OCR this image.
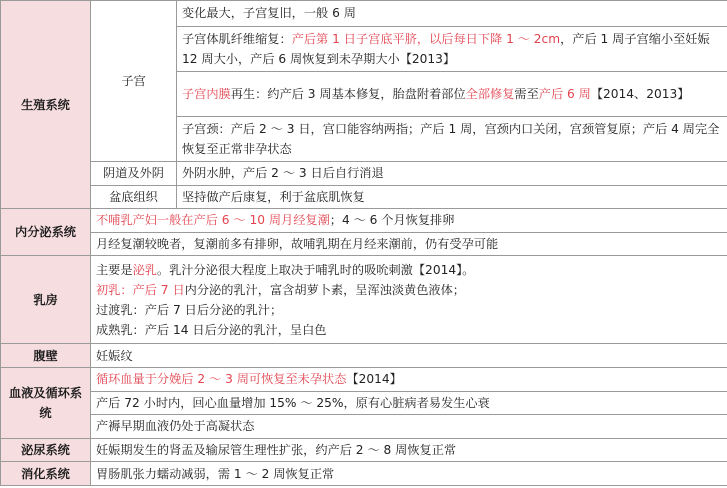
生殖系统	子宫	变化最大，子宫复旧，一般 6 周
		子宫体肌纤维缩复：产后第 1 日子宫底平脐，以后每日下降 1 ～ 2cm，产后 1 周子宫缩小至妊娠 12 周大小，产后 6 周恢复到未孕期大小【2013】
		子宫内膜再生：约产后 3 周基本修复，胎盘附着部位全部修复需至产后 6 周【2014、2013】
		子宫颈：产后 2 ～ 3 日，宫口能容纳两指；产后 1 周，宫颈内口关闭，宫颈管复原；产后 4 周完全恢复至正常非孕状态
	阴道及外阴	外阴水肿，产后 2 ～ 3 日后自行消退
	盆底组织	坚持做产后康复，利于盆底肌恢复
内分泌系统	不哺乳产妇一般在产后 6 ～ 10 周月经复潮；4 ～ 6 个月恢复排卵	
	月经复潮较晚者，复潮前多有排卵，故哺乳期在月经来潮前，仍有受孕可能	
乳房	主要是泌乳。乳汁分泌很大程度上取决于哺乳时的吸吮刺激【2014】。
初乳：产后 7 日内分泌的乳汁，富含胡萝卜素，呈浑浊淡黄色液体；
过渡乳：产后 7 日后分泌的乳汁；
成熟乳：产后 14 日后分泌的乳汁，呈白色	

腹壁	妊娠纹	
血液及循环系统	循环血量于分娩后 2 ～ 3 周可恢复至未孕状态【2014】	
	产后 72 小时内，回心血量增加 15% ～ 25%，原有心脏病者易发生心衰	
	产褥早期血液仍处于高凝状态	
泌尿系统	妊娠期发生的肾盂及输尿管生理性扩张，约产后 2 ～ 8 周恢复正常	
消化系统	胃肠肌张力蠕动减弱，需 1 ～ 2 周恢复正常	
